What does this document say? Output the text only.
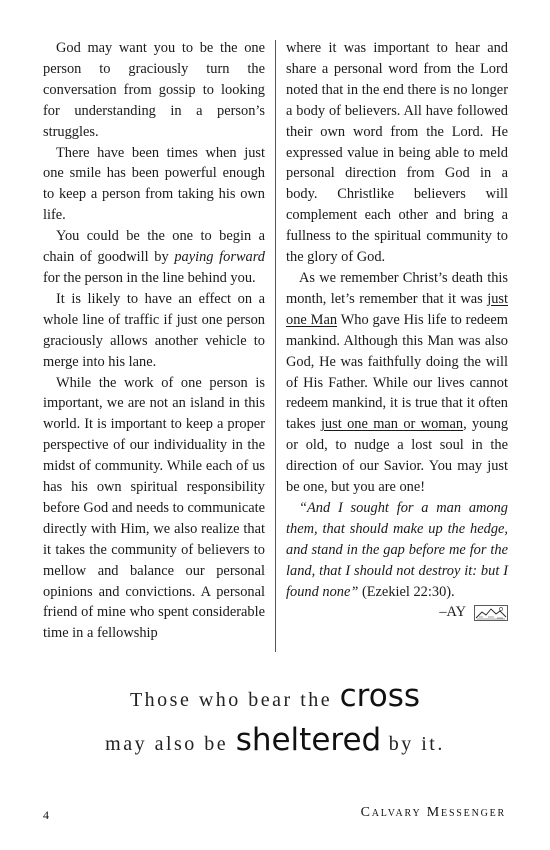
God may want you to be the one person to graciously turn the conversation from gossip to looking for understanding in a person’s struggles.

There have been times when just one smile has been powerful enough to keep a person from taking his own life.

You could be the one to begin a chain of goodwill by paying forward for the person in the line behind you.

It is likely to have an effect on a whole line of traffic if just one person graciously allows another vehicle to merge into his lane.

While the work of one person is important, we are not an island in this world. It is important to keep a proper perspective of our individuality in the midst of community. While each of us has his own spiritual responsibility before God and needs to communicate directly with Him, we also realize that it takes the community of believers to mellow and balance our personal opinions and convictions. A personal friend of mine who spent considerable time in a fellowship

where it was important to hear and share a personal word from the Lord noted that in the end there is no longer a body of believers. All have followed their own word from the Lord. He expressed value in being able to meld personal direction from God in a body. Christlike believers will complement each other and bring a fullness to the spiritual community to the glory of God.

As we remember Christ’s death this month, let’s remember that it was just one Man Who gave His life to redeem mankind. Although this Man was also God, He was faithfully doing the will of His Father. While our lives cannot redeem mankind, it is true that it often takes just one man or woman, young or old, to nudge a lost soul in the direction of our Savior. You may just be one, but you are one!

“And I sought for a man among them, that should make up the hedge, and stand in the gap before me for the land, that I should not destroy it: but I found none” (Ezekiel 22:30).

–AY

Those who bear the cross
may also be sheltered by it.
4	Calvary Messenger
